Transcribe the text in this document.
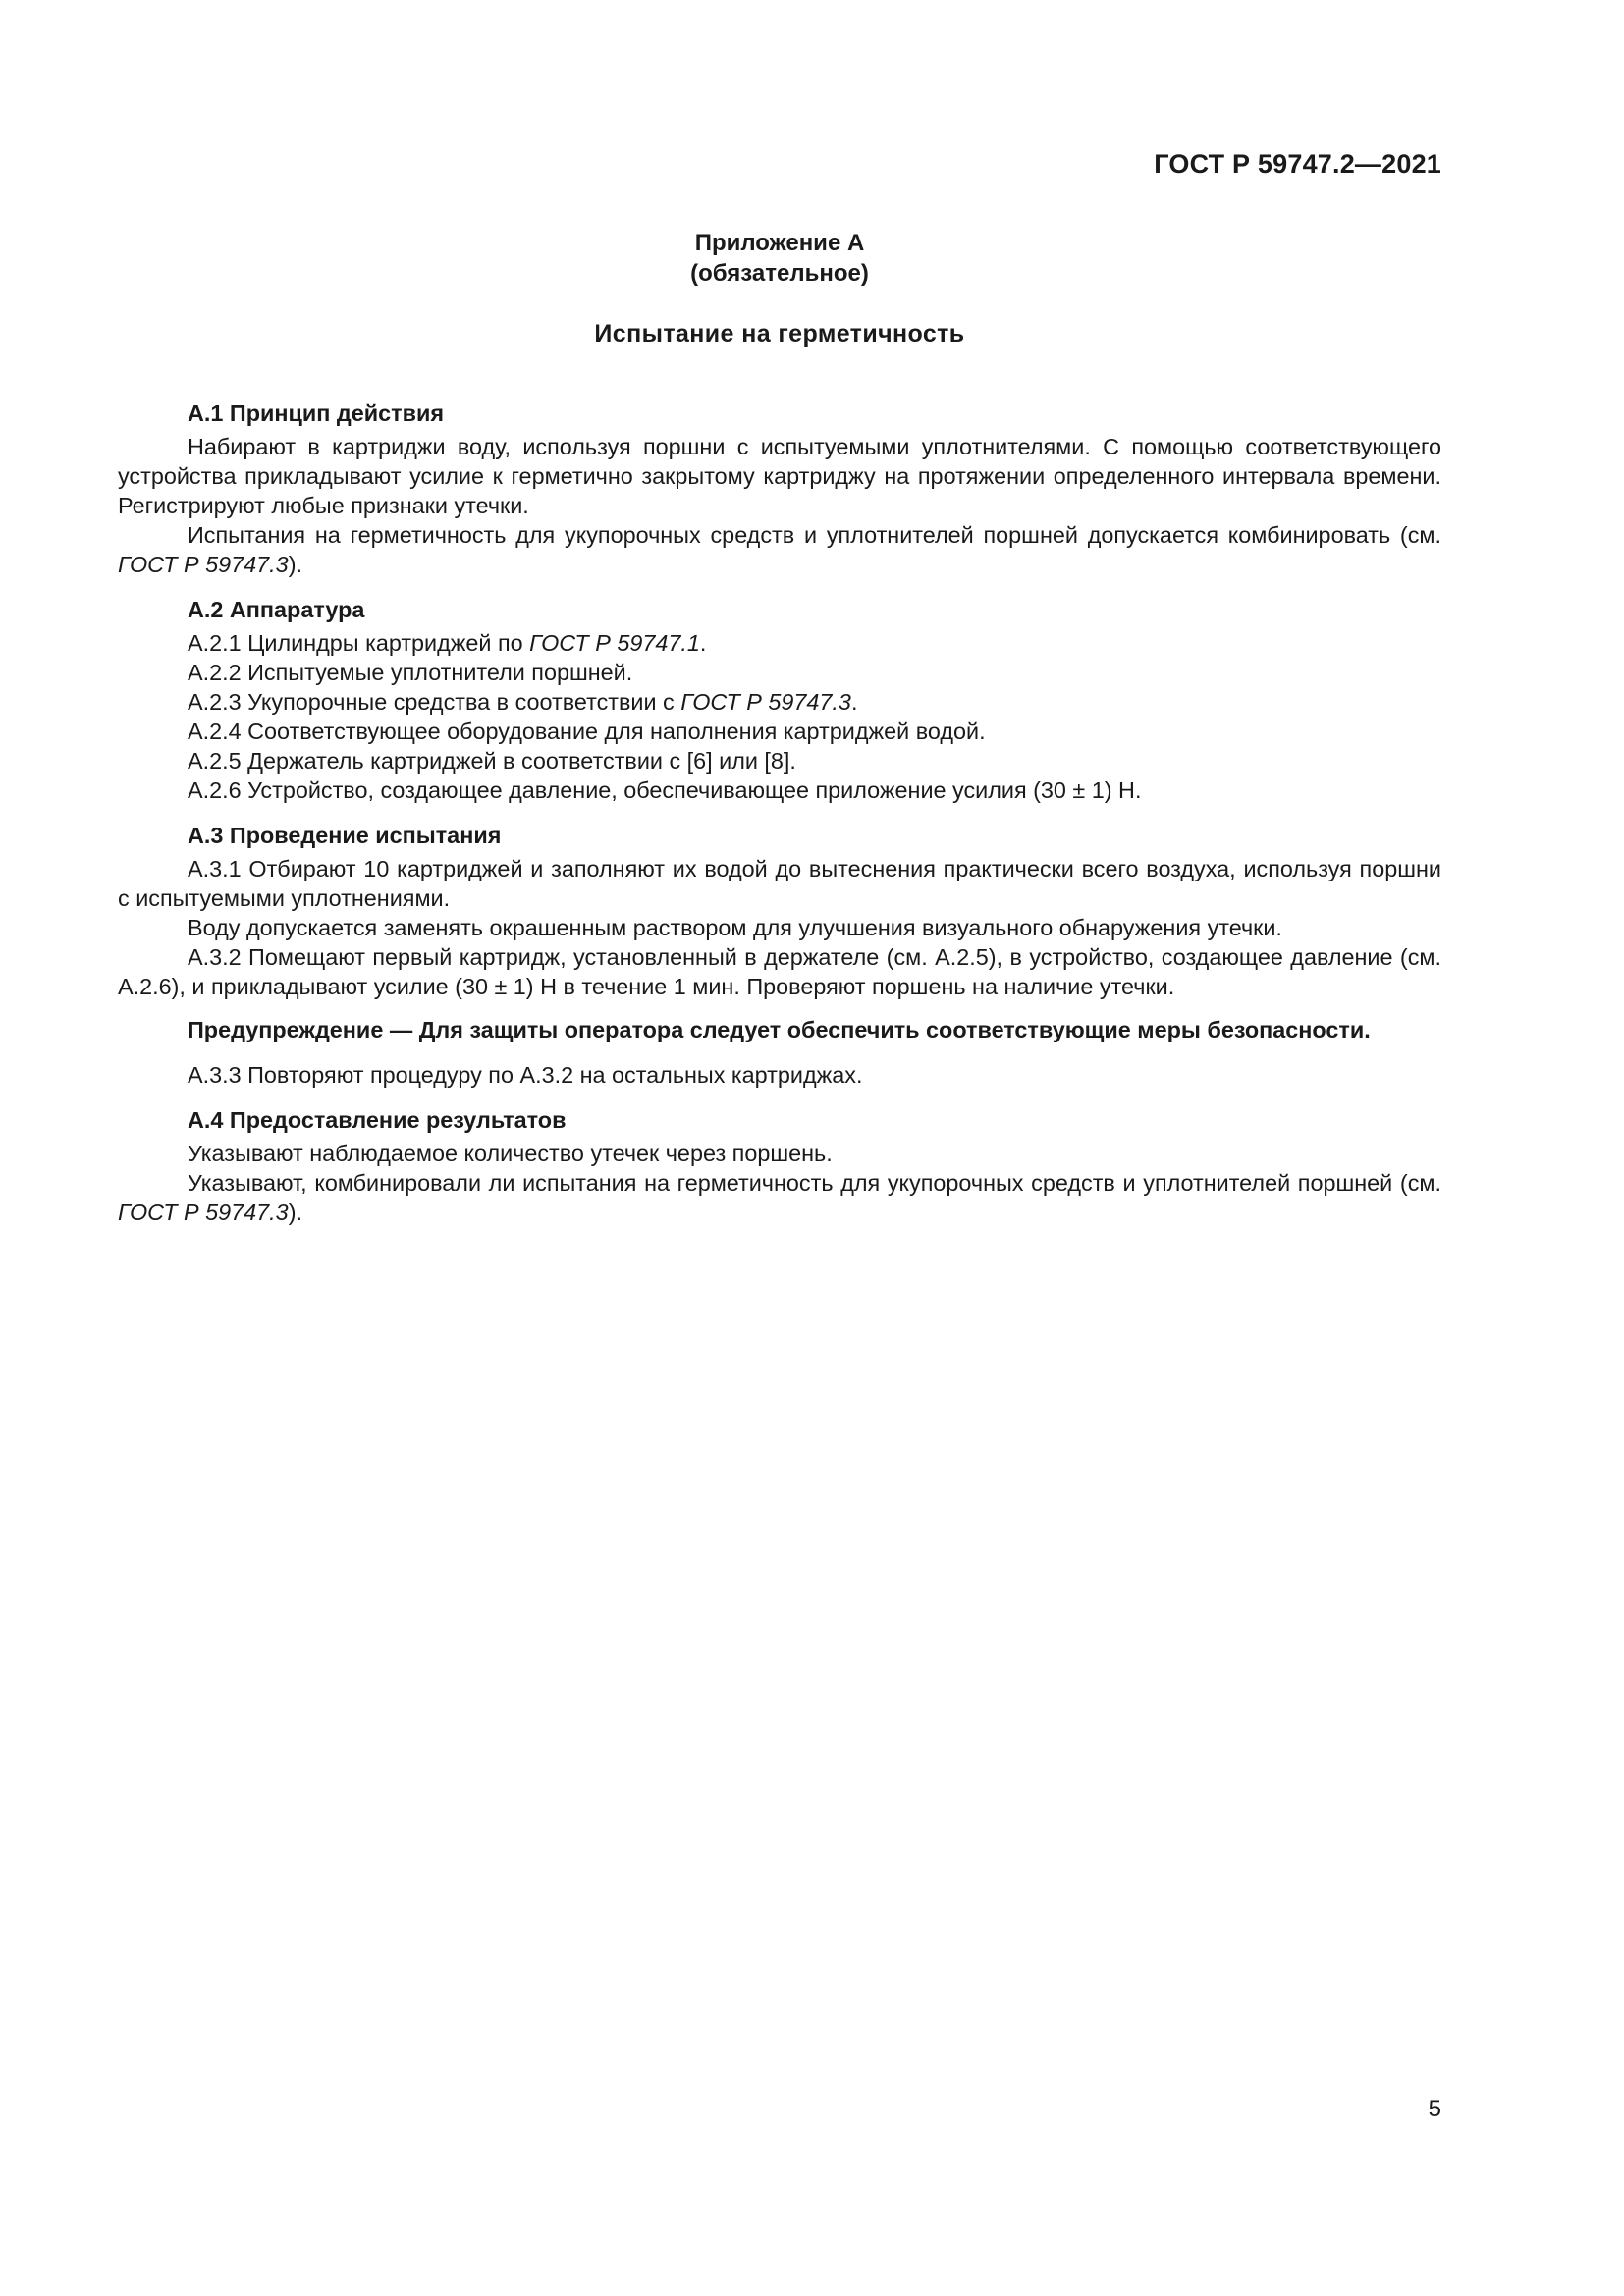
ГОСТ Р 59747.2—2021
Приложение А
(обязательное)
Испытание на герметичность
А.1 Принцип действия

Набирают в картриджи воду, используя поршни с испытуемыми уплотнителями. С помощью соответствующего устройства прикладывают усилие к герметично закрытому картриджу на протяжении определенного интервала времени. Регистрируют любые признаки утечки.

Испытания на герметичность для укупорочных средств и уплотнителей поршней допускается комбинировать (см. ГОСТ Р 59747.3).

А.2 Аппаратура

А.2.1 Цилиндры картриджей по ГОСТ Р 59747.1.

А.2.2 Испытуемые уплотнители поршней.

А.2.3 Укупорочные средства в соответствии с ГОСТ Р 59747.3.

А.2.4 Соответствующее оборудование для наполнения картриджей водой.

А.2.5 Держатель картриджей в соответствии с [6] или [8].

А.2.6 Устройство, создающее давление, обеспечивающее приложение усилия (30 ± 1) Н.

А.3 Проведение испытания

А.3.1 Отбирают 10 картриджей и заполняют их водой до вытеснения практически всего воздуха, используя поршни с испытуемыми уплотнениями.

Воду допускается заменять окрашенным раствором для улучшения визуального обнаружения утечки.

А.3.2 Помещают первый картридж, установленный в держателе (см. А.2.5), в устройство, создающее давление (см. А.2.6), и прикладывают усилие (30 ± 1) Н в течение 1 мин. Проверяют поршень на наличие утечки.

Предупреждение — Для защиты оператора следует обеспечить соответствующие меры безопасности.

А.3.3 Повторяют процедуру по А.3.2 на остальных картриджах.

А.4 Предоставление результатов

Указывают наблюдаемое количество утечек через поршень.

Указывают, комбинировали ли испытания на герметичность для укупорочных средств и уплотнителей поршней (см. ГОСТ Р 59747.3).

5
